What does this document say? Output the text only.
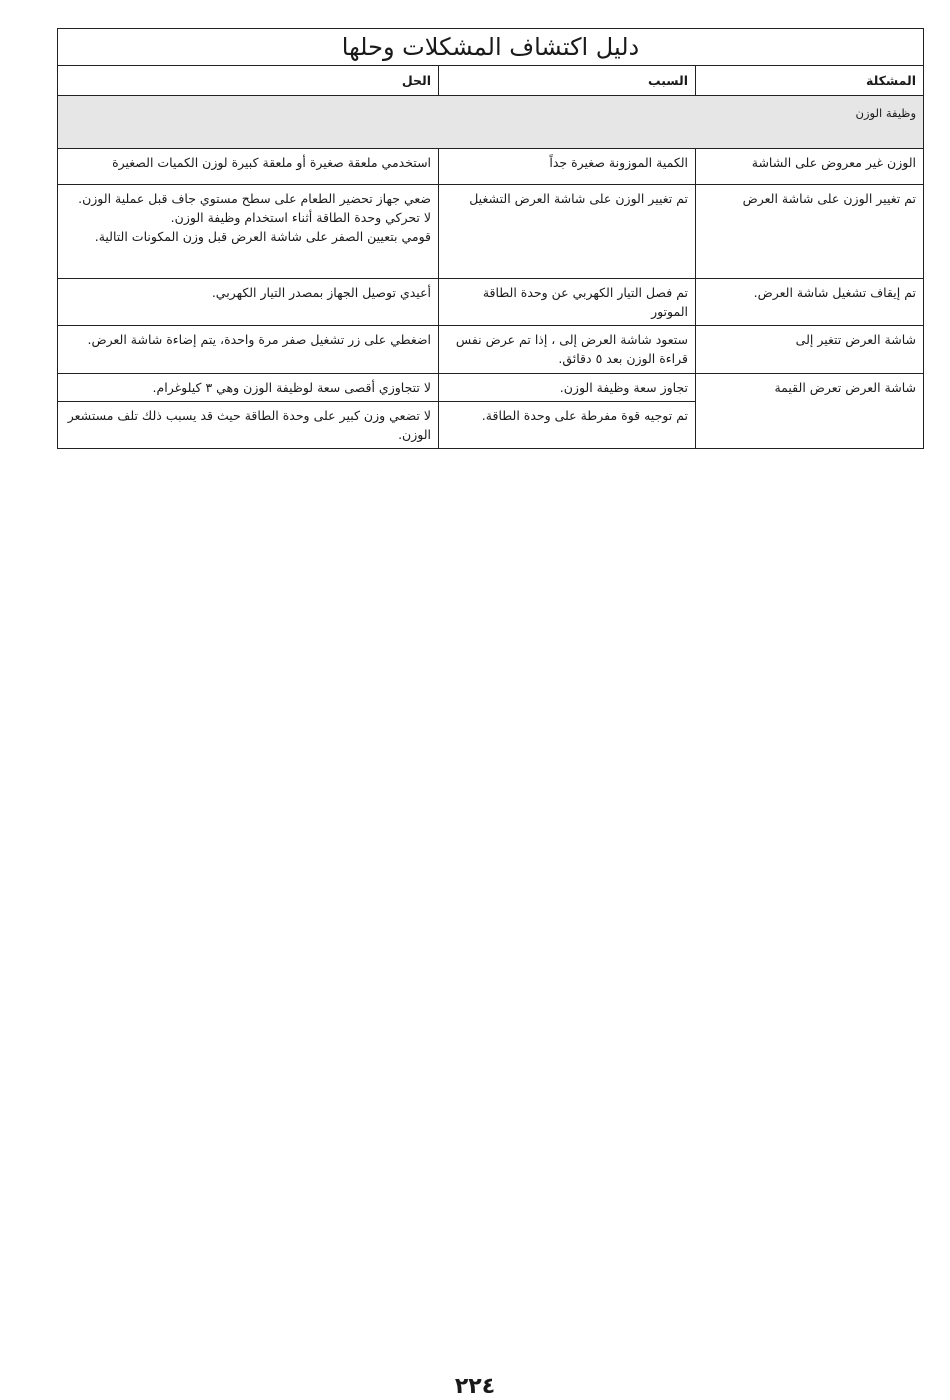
دليل اكتشاف المشكلات وحلها		
المشكلة	السبب	الحل
وظيفة الوزن		
الوزن غير معروض على الشاشة	الكمية الموزونة صغيرة جداً	استخدمي ملعقة صغيرة أو ملعقة كبيرة لوزن الكميات الصغيرة

تم تغيير الوزن على شاشة العرض	تم تغيير الوزن على شاشة العرض التشغيل	ضعي جهاز تحضير الطعام على سطح مستوي جاف قبل عملية الوزن.
لا تحركي وحدة الطاقة أثناء استخدام وظيفة الوزن.
قومي بتعيين الصفر على شاشة العرض قبل وزن المكونات التالية.

تم إيقاف تشغيل شاشة العرض.	تم فصل التيار الكهربي عن وحدة الطاقة الموتور	أعيدي توصيل الجهاز بمصدر التيار الكهربي.

شاشة العرض تتغير إلى	ستعود شاشة العرض إلى ، إذا تم عرض نفس قراءة الوزن بعد ٥ دقائق.	اضغطي على زر تشغيل صفر مرة واحدة، يتم إضاءة شاشة العرض.

شاشة العرض تعرض القيمة	تجاوز سعة وظيفة الوزن.	لا تتجاوزي أقصى سعة لوظيفة الوزن وهي ٣ كيلوغرام.

	تم توجيه قوة مفرطة على وحدة الطاقة.	لا تضعي وزن كبير على وحدة الطاقة حيث قد يسبب ذلك تلف مستشعر الوزن.
٢٢٤
